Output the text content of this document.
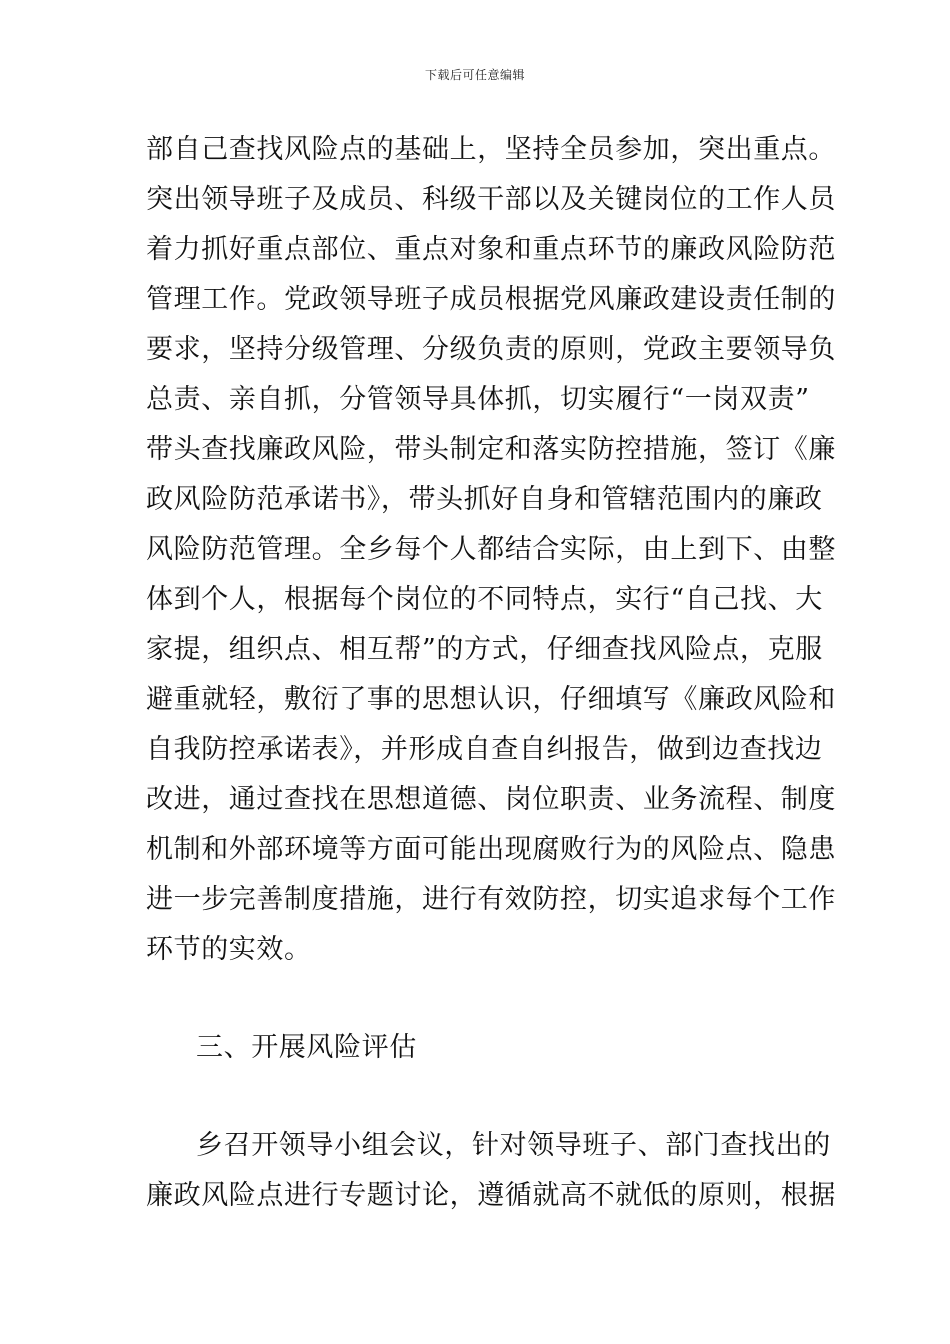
下载后可任意编辑
部自己查找风险点的基础上，坚持全员参加，突出重点。
突出领导班子及成员、科级干部以及关键岗位的工作人员
着力抓好重点部位、重点对象和重点环节的廉政风险防范
管理工作。党政领导班子成员根据党风廉政建设责任制的
要求，坚持分级管理、分级负责的原则，党政主要领导负
总责、亲自抓，分管领导具体抓，切实履行“一岗双责”
带头查找廉政风险，带头制定和落实防控措施，签订《廉
政风险防范承诺书》，带头抓好自身和管辖范围内的廉政
风险防范管理。全乡每个人都结合实际，由上到下、由整
体到个人，根据每个岗位的不同特点，实行“自己找、大
家提，组织点、相互帮”的方式，仔细查找风险点，克服
避重就轻，敷衍了事的思想认识，仔细填写《廉政风险和
自我防控承诺表》，并形成自查自纠报告，做到边查找边
改进，通过查找在思想道德、岗位职责、业务流程、制度
机制和外部环境等方面可能出现腐败行为的风险点、隐患
进一步完善制度措施，进行有效防控，切实追求每个工作
环节的实效。
三、开展风险评估
乡召开领导小组会议，针对领导班子、部门查找出的
廉政风险点进行专题讨论，遵循就高不就低的原则，根据
